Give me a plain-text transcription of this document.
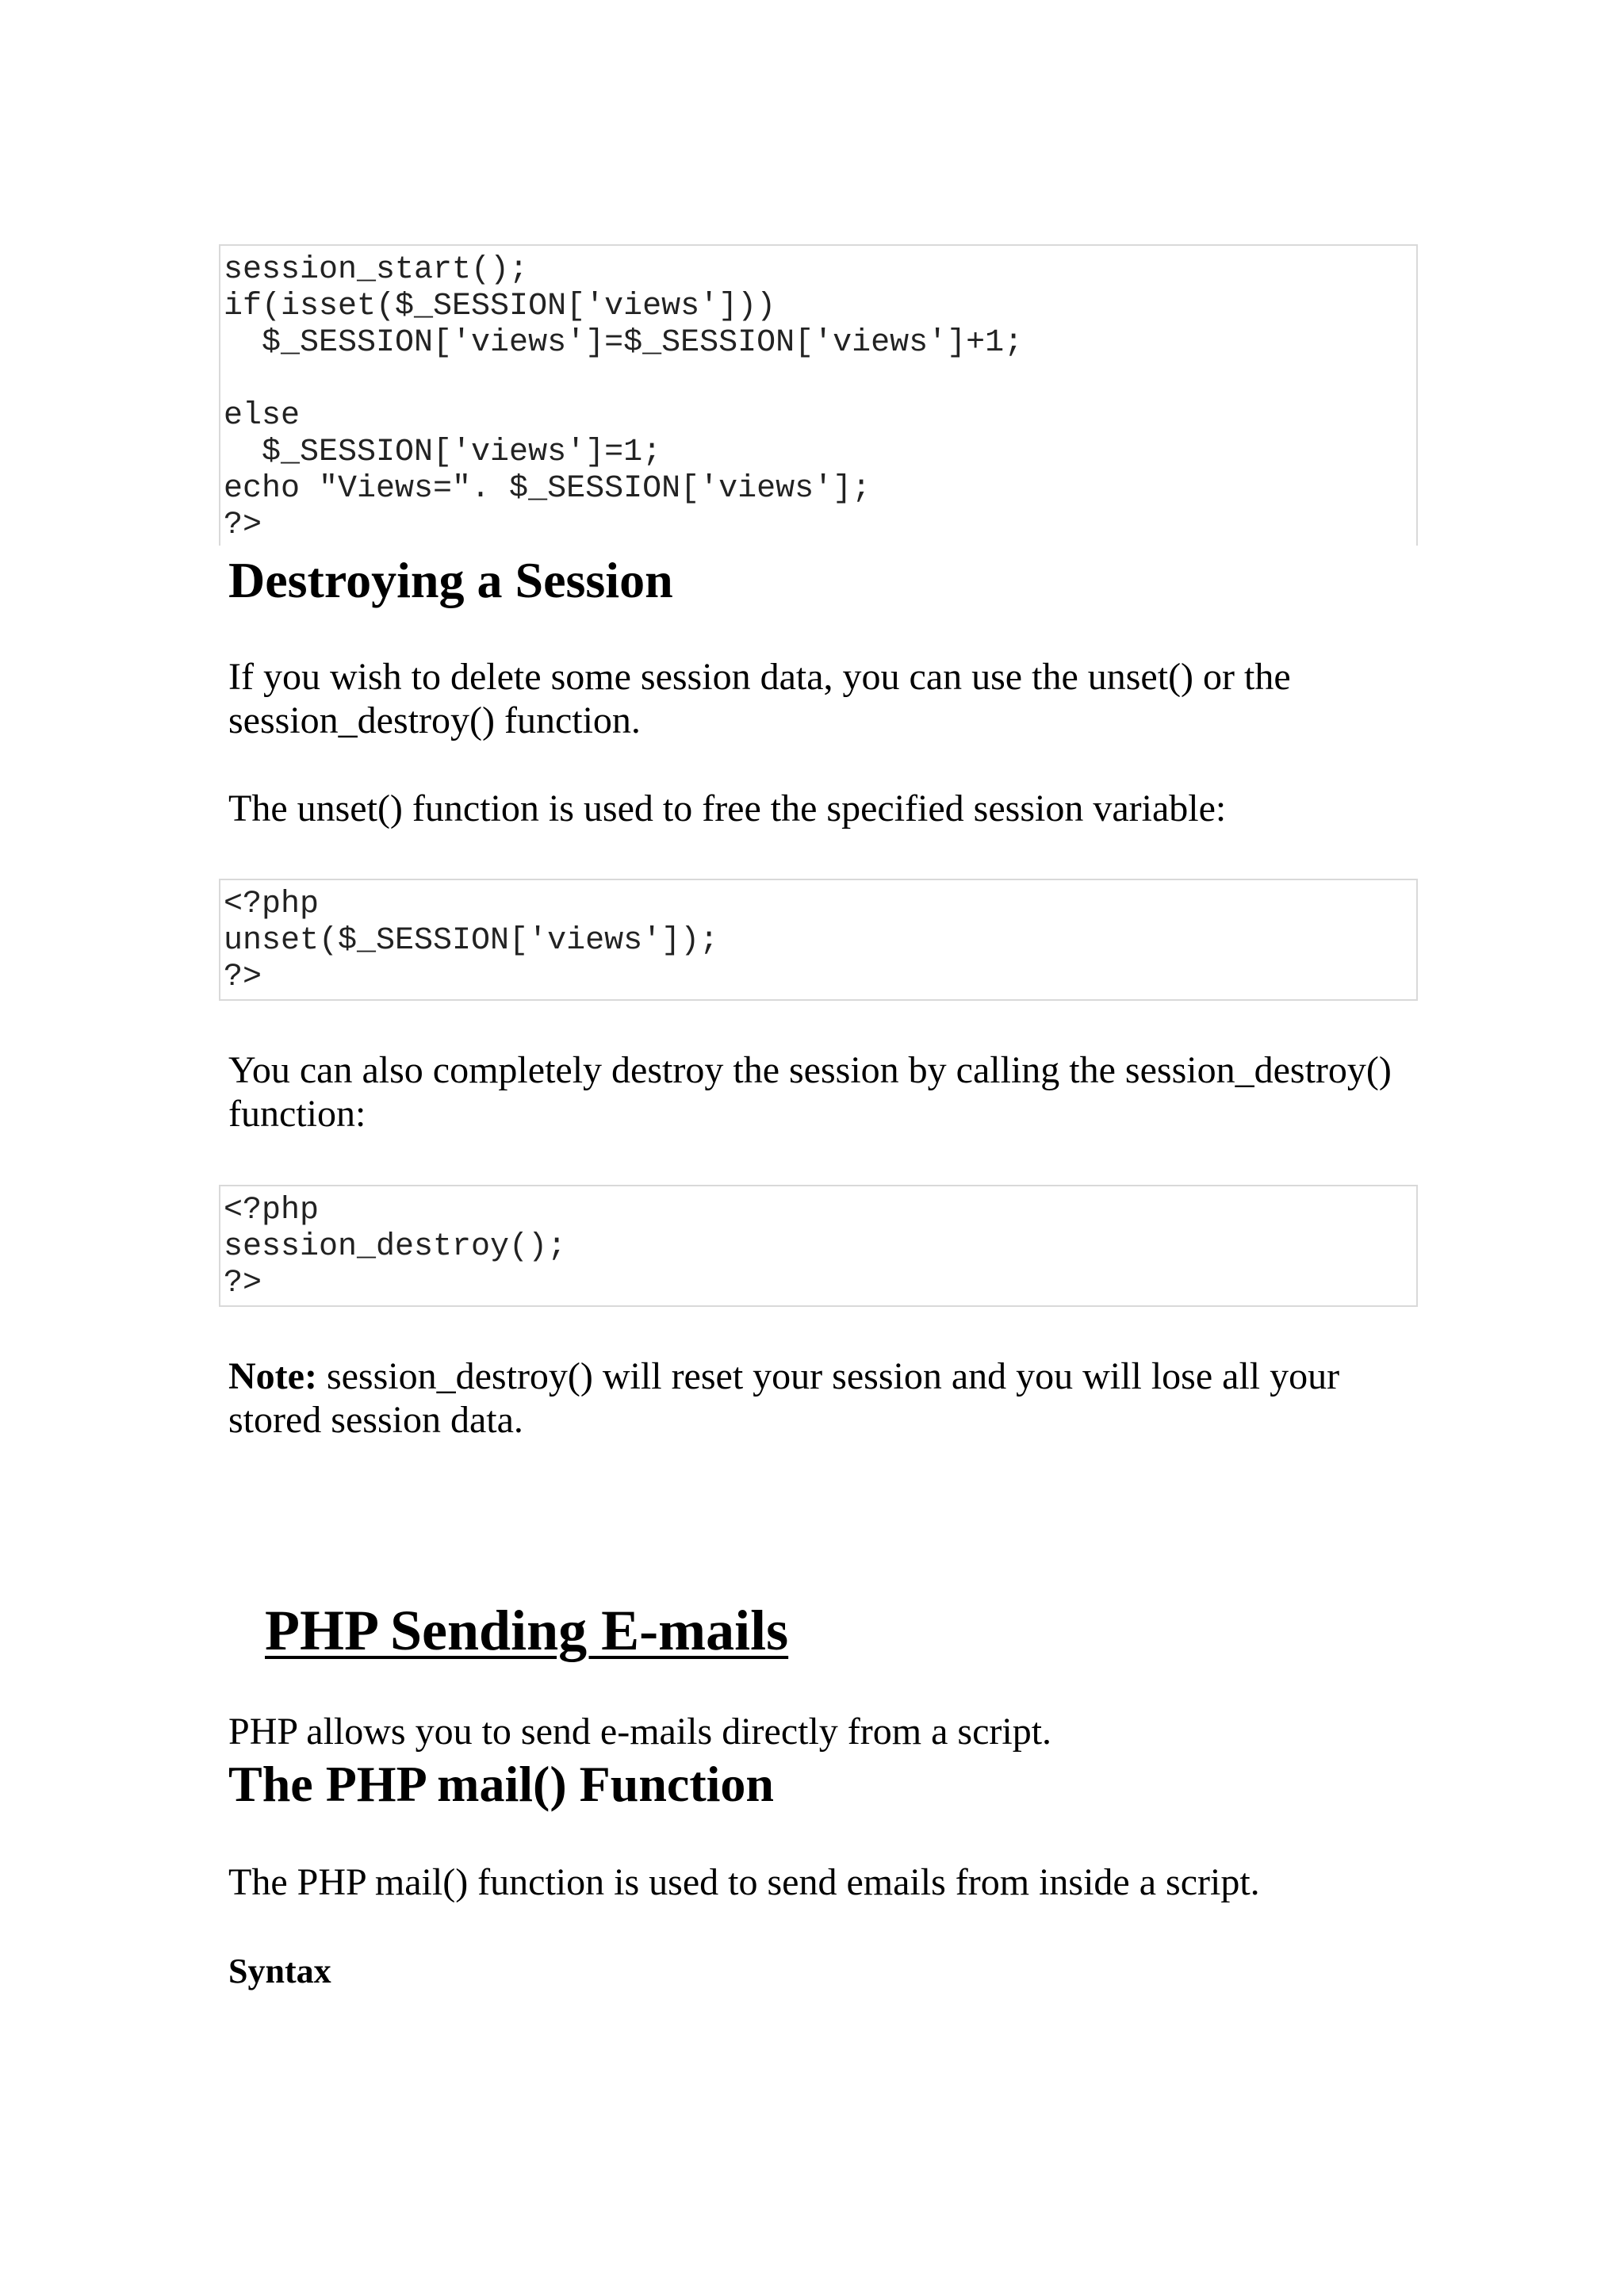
session_start();
if(isset($_SESSION['views']))
$_SESSION['views']=$_SESSION['views']+1;
else
$_SESSION['views']=1;
echo "Views=". $_SESSION['views'];
?>
Destroying a Session

If you wish to delete some session data, you can use the unset() or the
session_destroy() function.

The unset() function is used to free the specified session variable:

<?php
unset($_SESSION['views']);
?>

You can also completely destroy the session by calling the session_destroy()
function:

<?php
session_destroy();
?>

Note: session_destroy() will reset your session and you will lose all your
stored session data.

PHP Sending E-mails

PHP allows you to send e-mails directly from a script.

The PHP mail() Function

The PHP mail() function is used to send emails from inside a script.

Syntax
